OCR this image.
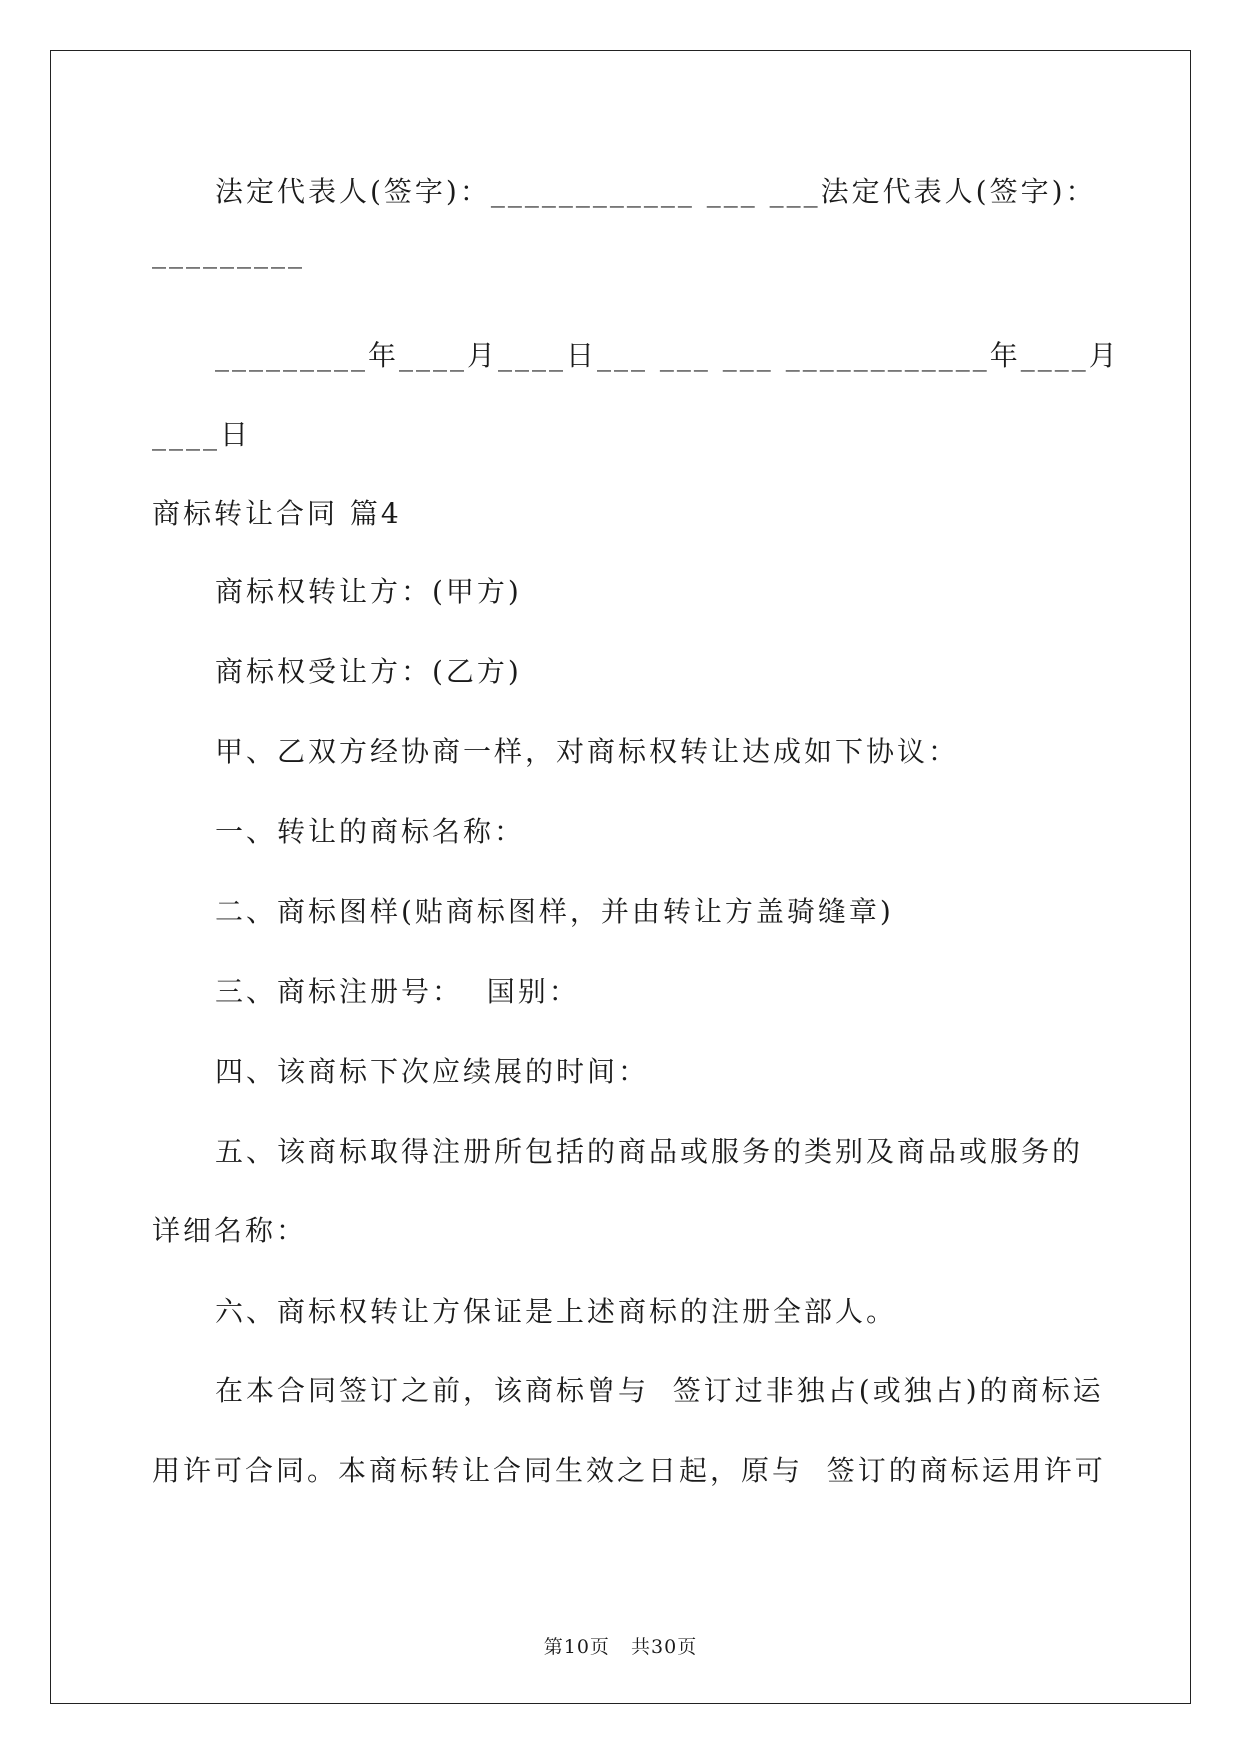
法定代表人(签字)：____________ ___ ___法定代表人(签字)：
_________
_________年____月____日___ ___ ___ ____________年____月
____日
商标转让合同 篇4
商标权转让方：(甲方)
商标权受让方：(乙方)
甲、乙双方经协商一样，对商标权转让达成如下协议：
一、转让的商标名称：
二、商标图样(贴商标图样，并由转让方盖骑缝章)
三、商标注册号：  国别：
四、该商标下次应续展的时间：
五、该商标取得注册所包括的商品或服务的类别及商品或服务的
详细名称：
六、商标权转让方保证是上述商标的注册全部人。
在本合同签订之前，该商标曾与  签订过非独占(或独占)的商标运
用许可合同。本商标转让合同生效之日起，原与  签订的商标运用许可
第10页   共30页
